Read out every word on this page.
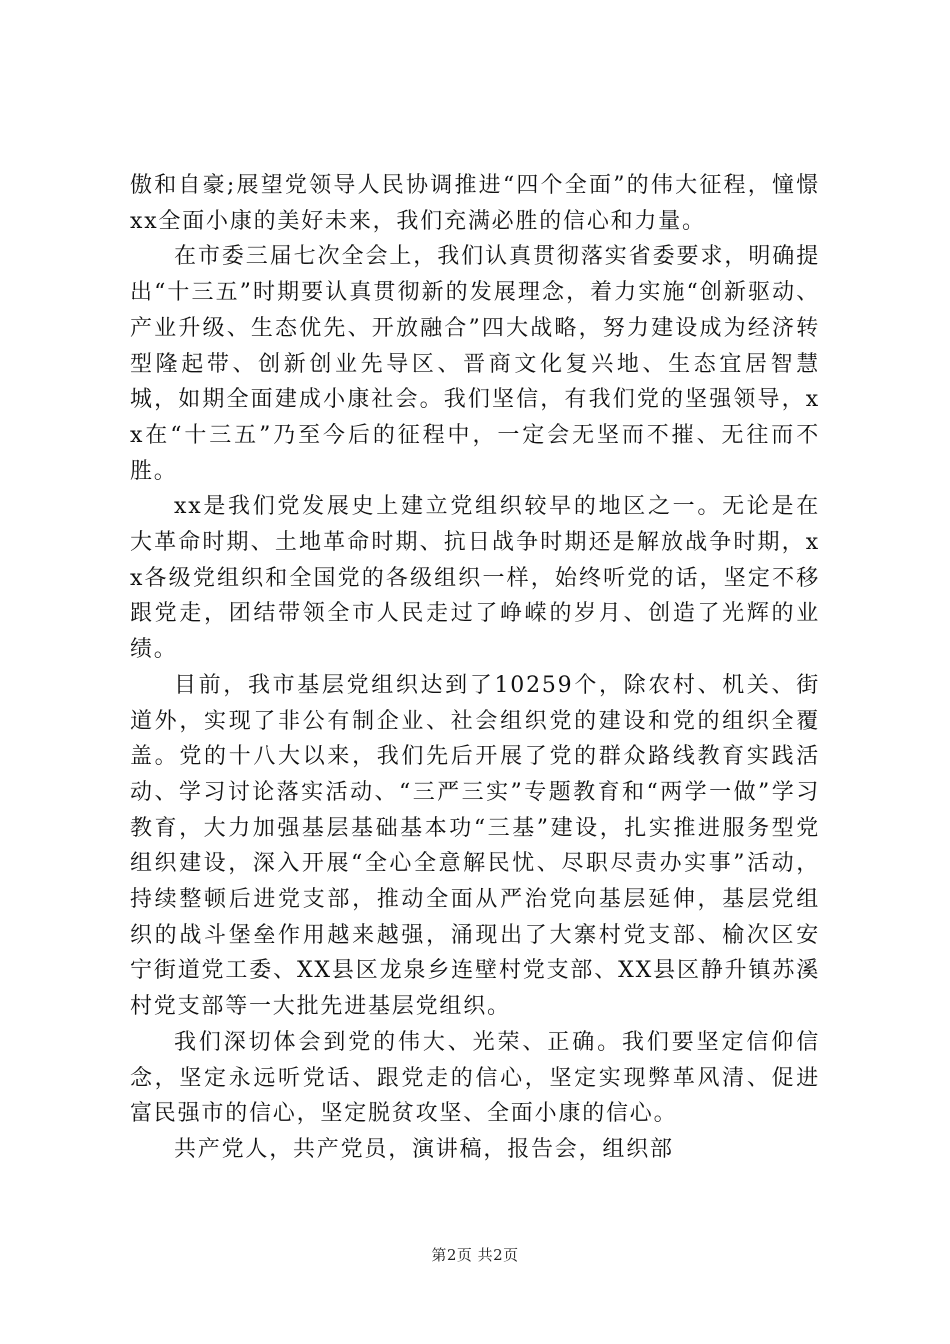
傲和自豪;展望党领导人民协调推进“四个全面”的伟大征程，憧憬xx全面小康的美好未来，我们充满必胜的信心和力量。

在市委三届七次全会上，我们认真贯彻落实省委要求，明确提出“十三五”时期要认真贯彻新的发展理念，着力实施“创新驱动、产业升级、生态优先、开放融合”四大战略，努力建设成为经济转型隆起带、创新创业先导区、晋商文化复兴地、生态宜居智慧城，如期全面建成小康社会。我们坚信，有我们党的坚强领导，xx在“十三五”乃至今后的征程中，一定会无坚而不摧、无往而不胜。

xx是我们党发展史上建立党组织较早的地区之一。无论是在大革命时期、土地革命时期、抗日战争时期还是解放战争时期，xx各级党组织和全国党的各级组织一样，始终听党的话，坚定不移跟党走，团结带领全市人民走过了峥嵘的岁月、创造了光辉的业绩。

目前，我市基层党组织达到了10259个，除农村、机关、街道外，实现了非公有制企业、社会组织党的建设和党的组织全覆盖。党的十八大以来，我们先后开展了党的群众路线教育实践活动、学习讨论落实活动、“三严三实”专题教育和“两学一做”学习教育，大力加强基层基础基本功“三基”建设，扎实推进服务型党组织建设，深入开展“全心全意解民忧、尽职尽责办实事”活动，持续整顿后进党支部，推动全面从严治党向基层延伸，基层党组织的战斗堡垒作用越来越强，涌现出了大寨村党支部、榆次区安宁街道党工委、XX县区龙泉乡连壁村党支部、XX县区静升镇苏溪村党支部等一大批先进基层党组织。

我们深切体会到党的伟大、光荣、正确。我们要坚定信仰信念，坚定永远听党话、跟党走的信心，坚定实现弊革风清、促进富民强市的信心，坚定脱贫攻坚、全面小康的信心。

共产党人，共产党员，演讲稿，报告会，组织部

第2页 共2页
